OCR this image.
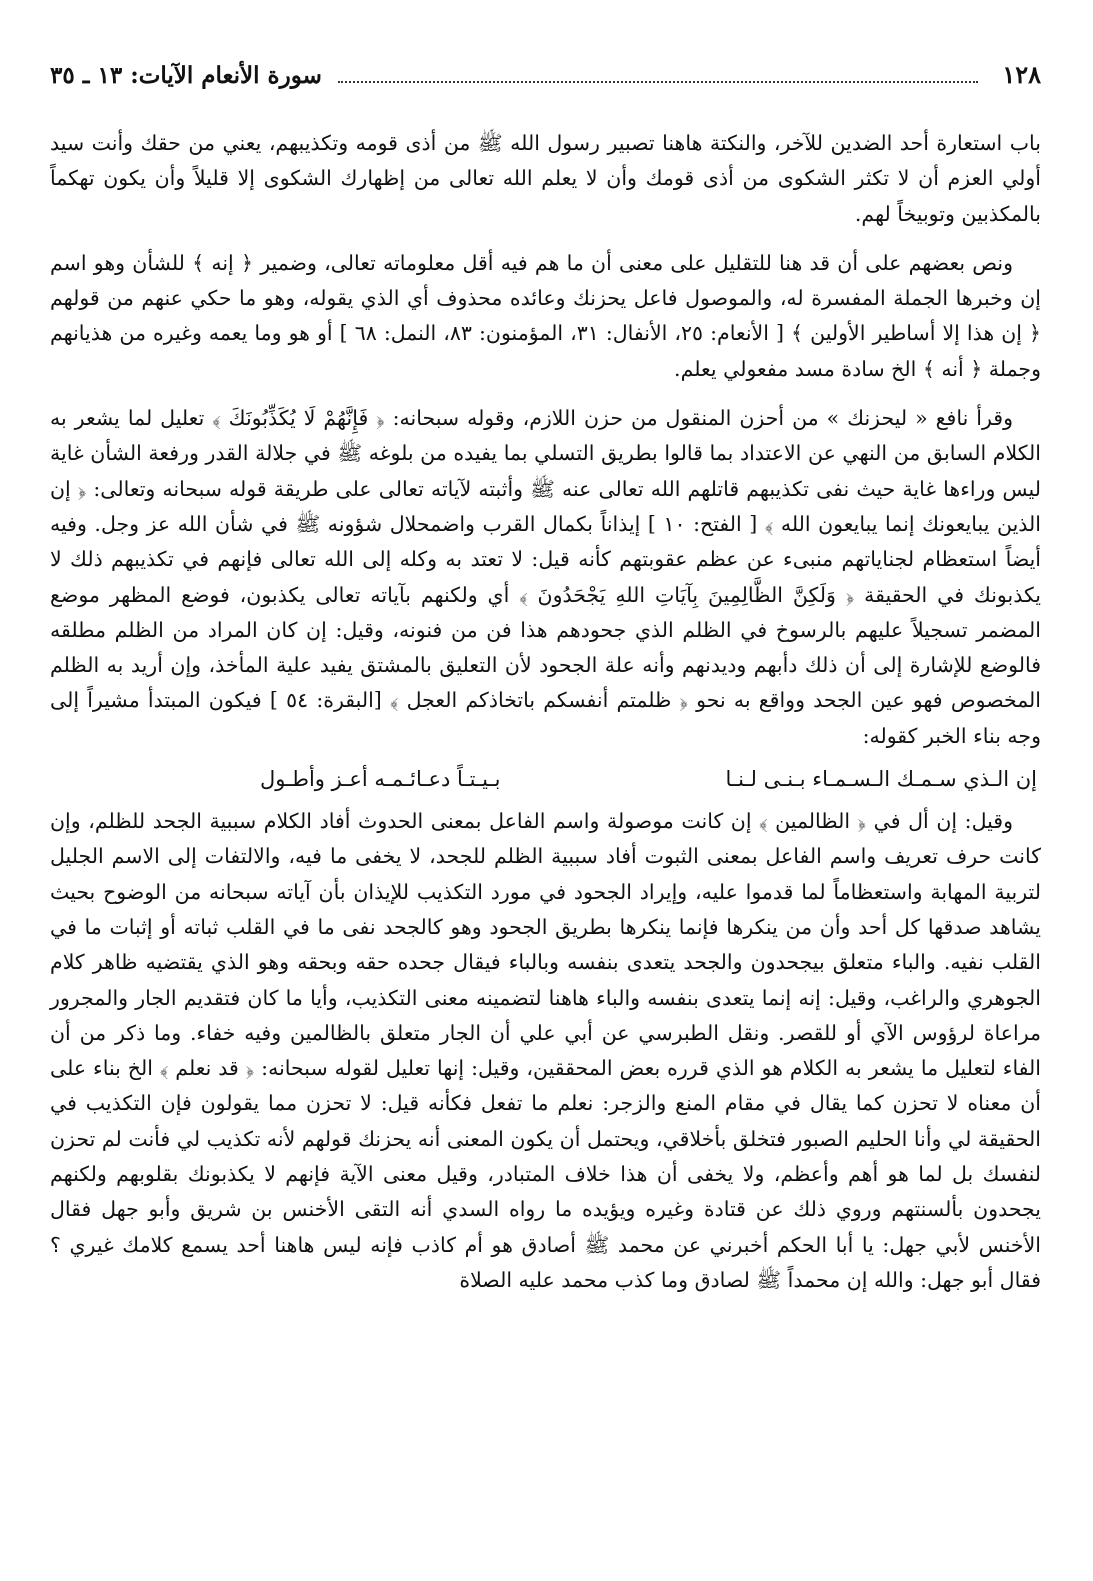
١٢٨
سورة الأنعام الآيات: ١٣ ـ ٣٥

باب استعارة أحد الضدين للآخر، والنكتة هاهنا تصبير رسول الله ﷺ من أذى قومه وتكذيبهم، يعني من حقك وأنت سيد أولي العزم أن لا تكثر الشكوى من أذى قومك وأن لا يعلم الله تعالى من إظهارك الشكوى إلا قليلاً وأن يكون تهكماً بالمكذبين وتوبيخاً لهم.

ونص بعضهم على أن قد هنا للتقليل على معنى أن ما هم فيه أقل معلوماته تعالى، وضمير ﴿ إنه ﴾ للشأن وهو اسم إن وخبرها الجملة المفسرة له، والموصول فاعل يحزنك وعائده محذوف أي الذي يقوله، وهو ما حكي عنهم من قولهم ﴿ إن هذا إلا أساطير الأولين ﴾ [ الأنعام: ٢٥، الأنفال: ٣١، المؤمنون: ٨٣، النمل: ٦٨ ] أو هو وما يعمه وغيره من هذيانهم وجملة ﴿ أنه ﴾ الخ سادة مسد مفعولي يعلم.

وقرأ نافع « ليحزنك » من أحزن المنقول من حزن اللازم، وقوله سبحانه: ﴿ فَإِنَّهُمْ لَا يُكَذِّبُونَكَ ﴾ تعليل لما يشعر به الكلام السابق من النهي عن الاعتداد بما قالوا بطريق التسلي بما يفيده من بلوغه ﷺ في جلالة القدر ورفعة الشأن غاية ليس وراءها غاية حيث نفى تكذيبهم قاتلهم الله تعالى عنه ﷺ وأثبته لآياته تعالى على طريقة قوله سبحانه وتعالى: ﴿ إن الذين يبايعونك إنما يبايعون الله ﴾ [ الفتح: ١٠ ] إيذاناً بكمال القرب واضمحلال شؤونه ﷺ في شأن الله عز وجل. وفيه أيضاً استعظام لجناياتهم منبىء عن عظم عقوبتهم كأنه قيل: لا تعتد به وكله إلى الله تعالى فإنهم في تكذيبهم ذلك لا يكذبونك في الحقيقة ﴿ وَلَكِنَّ الظَّالِمِينَ بِآيَاتِ اللهِ يَجْحَدُونَ ﴾ أي ولكنهم بآياته تعالى يكذبون، فوضع المظهر موضع المضمر تسجيلاً عليهم بالرسوخ في الظلم الذي جحودهم هذا فن من فنونه، وقيل: إن كان المراد من الظلم مطلقه فالوضع للإشارة إلى أن ذلك دأبهم وديدنهم وأنه علة الجحود لأن التعليق بالمشتق يفيد علية المأخذ، وإن أريد به الظلم المخصوص فهو عين الجحد وواقع به نحو ﴿ ظلمتم أنفسكم باتخاذكم العجل ﴾ [البقرة: ٥٤ ] فيكون المبتدأ مشيراً إلى وجه بناء الخبر كقوله:

إن الـذي سـمـك الـسـمـاء بـنـى لـنـا
بـيـتـاً دعـائـمـه أعـز وأطـول

وقيل: إن أل في ﴿ الظالمين ﴾ إن كانت موصولة واسم الفاعل بمعنى الحدوث أفاد الكلام سببية الجحد للظلم، وإن كانت حرف تعريف واسم الفاعل بمعنى الثبوت أفاد سببية الظلم للجحد، لا يخفى ما فيه، والالتفات إلى الاسم الجليل لتربية المهابة واستعظاماً لما قدموا عليه، وإيراد الجحود في مورد التكذيب للإيذان بأن آياته سبحانه من الوضوح بحيث يشاهد صدقها كل أحد وأن من ينكرها فإنما ينكرها بطريق الجحود وهو كالجحد نفى ما في القلب ثباته أو إثبات ما في القلب نفيه. والباء متعلق بيجحدون والجحد يتعدى بنفسه وبالباء فيقال جحده حقه وبحقه وهو الذي يقتضيه ظاهر كلام الجوهري والراغب، وقيل: إنه إنما يتعدى بنفسه والباء هاهنا لتضمينه معنى التكذيب، وأيا ما كان فتقديم الجار والمجرور مراعاة لرؤوس الآي أو للقصر. ونقل الطبرسي عن أبي علي أن الجار متعلق بالظالمين وفيه خفاء. وما ذكر من أن الفاء لتعليل ما يشعر به الكلام هو الذي قرره بعض المحققين، وقيل: إنها تعليل لقوله سبحانه: ﴿ قد نعلم ﴾ الخ بناء على أن معناه لا تحزن كما يقال في مقام المنع والزجر: نعلم ما تفعل فكأنه قيل: لا تحزن مما يقولون فإن التكذيب في الحقيقة لي وأنا الحليم الصبور فتخلق بأخلاقي، ويحتمل أن يكون المعنى أنه يحزنك قولهم لأنه تكذيب لي فأنت لم تحزن لنفسك بل لما هو أهم وأعظم، ولا يخفى أن هذا خلاف المتبادر، وقيل معنى الآية فإنهم لا يكذبونك بقلوبهم ولكنهم يجحدون بألسنتهم وروي ذلك عن قتادة وغيره ويؤيده ما رواه السدي أنه التقى الأخنس بن شريق وأبو جهل فقال الأخنس لأبي جهل: يا أبا الحكم أخبرني عن محمد ﷺ أصادق هو أم كاذب فإنه ليس هاهنا أحد يسمع كلامك غيري ؟ فقال أبو جهل: والله إن محمداً ﷺ لصادق وما كذب محمد عليه الصلاة
